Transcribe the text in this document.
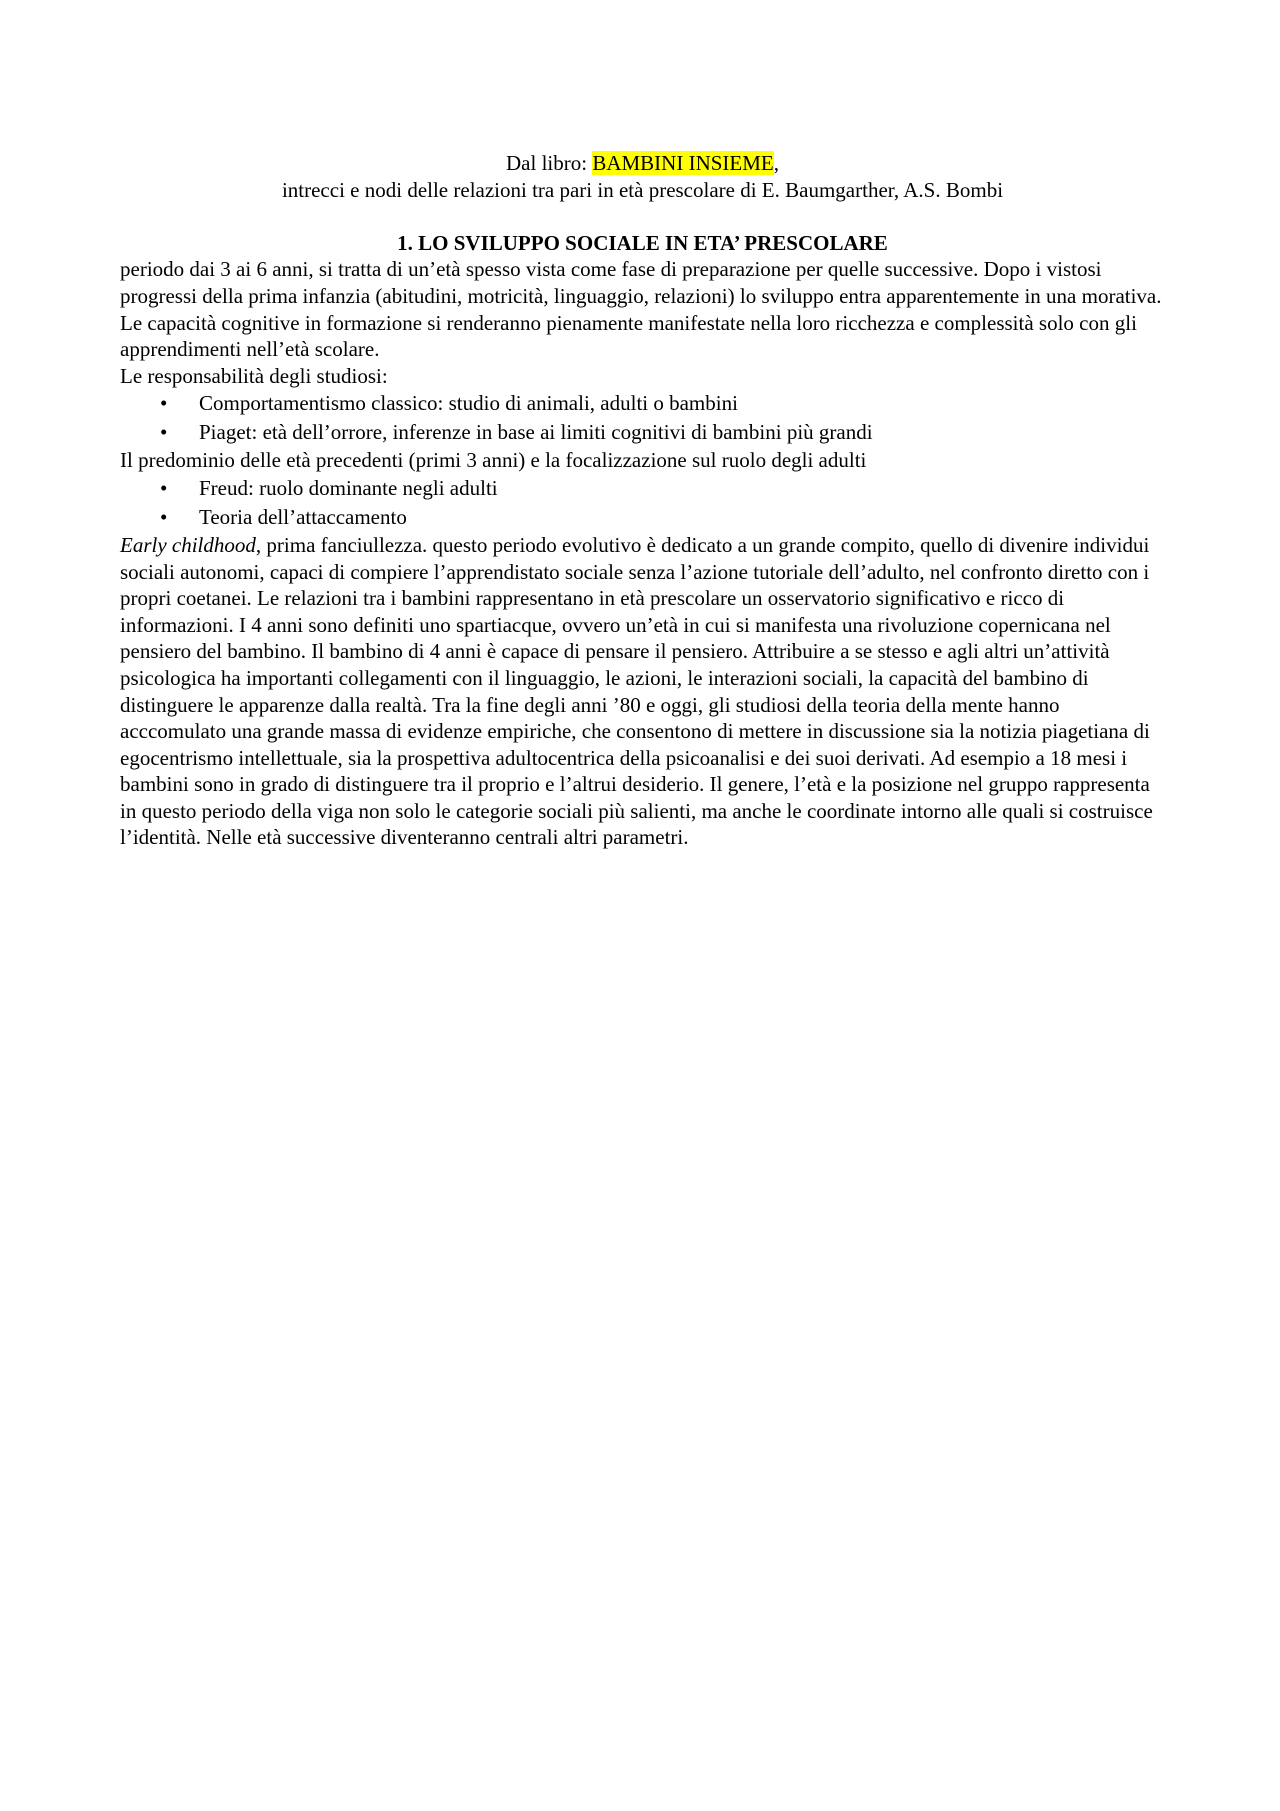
Dal libro: BAMBINI INSIEME,
intrecci e nodi delle relazioni tra pari in età prescolare di E. Baumgarther, A.S. Bombi
1. LO SVILUPPO SOCIALE IN ETA’ PRESCOLARE

periodo dai 3 ai 6 anni, si tratta di un’età spesso vista come fase di preparazione per quelle successive. Dopo i vistosi progressi della prima infanzia (abitudini, motricità, linguaggio, relazioni) lo sviluppo entra apparentemente in una morativa. Le capacità cognitive in formazione si renderanno pienamente manifestate nella loro ricchezza e complessità solo con gli apprendimenti nell’età scolare.

Le responsabilità degli studiosi:

• Comportamentismo classico: studio di animali, adulti o bambini
• Piaget: età dell’orrore, inferenze in base ai limiti cognitivi di bambini più grandi

Il predominio delle età precedenti (primi 3 anni) e la focalizzazione sul ruolo degli adulti

• Freud: ruolo dominante negli adulti
• Teoria dell’attaccamento

Early childhood, prima fanciullezza. questo periodo evolutivo è dedicato a un grande compito, quello di divenire individui sociali autonomi, capaci di compiere l’apprendistato sociale senza l’azione tutoriale dell’adulto, nel confronto diretto con i propri coetanei. Le relazioni tra i bambini rappresentano in età prescolare un osservatorio significativo e ricco di informazioni. I 4 anni sono definiti uno spartiacque, ovvero un’età in cui si manifesta una rivoluzione copernicana nel pensiero del bambino. Il bambino di 4 anni è capace di pensare il pensiero. Attribuire a se stesso e agli altri un’attività psicologica ha importanti collegamenti con il linguaggio, le azioni, le interazioni sociali, la capacità del bambino di distinguere le apparenze dalla realtà. Tra la fine degli anni ’80 e oggi, gli studiosi della teoria della mente hanno acccomulato una grande massa di evidenze empiriche, che consentono di mettere in discussione sia la notizia piagetiana di egocentrismo intellettuale, sia la prospettiva adultocentrica della psicoanalisi e dei suoi derivati. Ad esempio a 18 mesi i bambini sono in grado di distinguere tra il proprio e l’altrui desiderio. Il genere, l’età e la posizione nel gruppo rappresenta in questo periodo della viga non solo le categorie sociali più salienti, ma anche le coordinate intorno alle quali si costruisce l’identità. Nelle età successive diventeranno centrali altri parametri.
